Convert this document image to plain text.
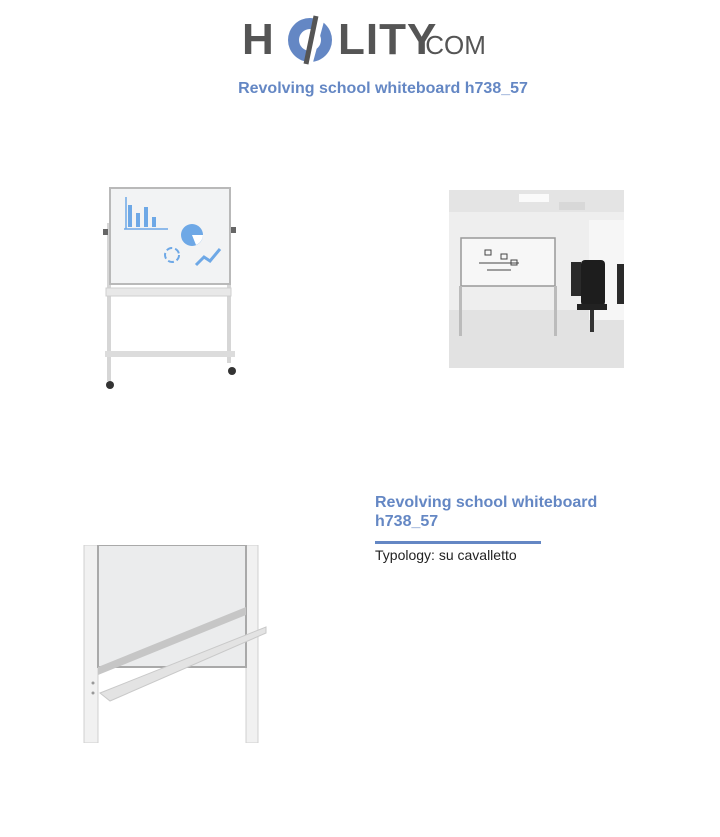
H LITY
.COM
Revolving school whiteboard h738_57
Revolving school whiteboard h738_57
Typology: su cavalletto
